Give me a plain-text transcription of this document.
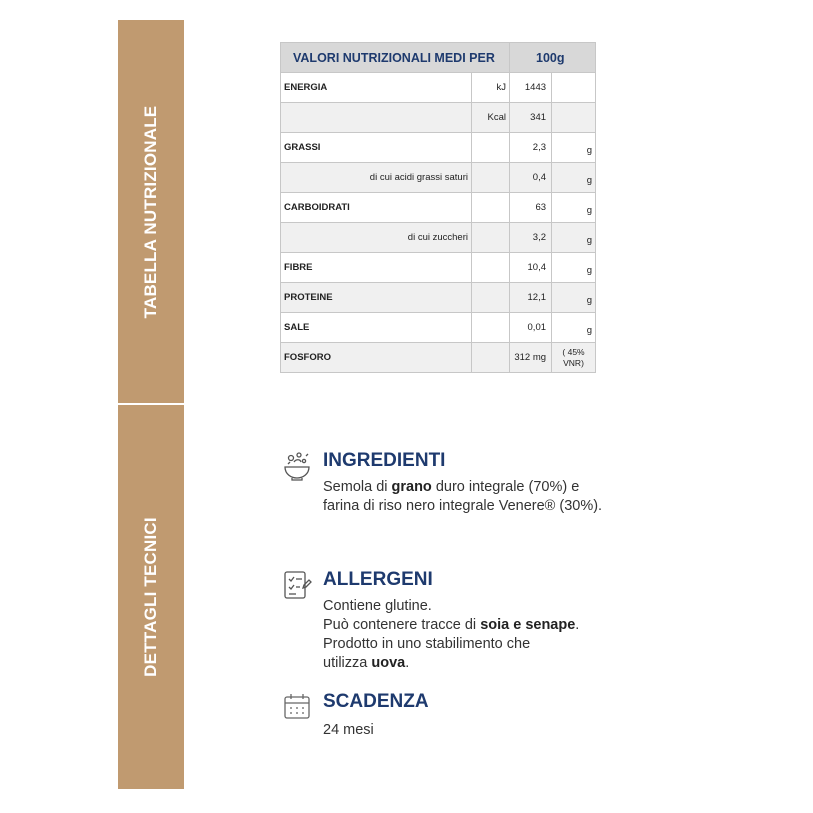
TABELLA NUTRIZIONALE
DETTAGLI TECNICI
VALORI NUTRIZIONALI MEDI PER		100g	
ENERGIA	kJ	1443	
	Kcal	341	
GRASSI		2,3	g
di cui acidi grassi saturi		0,4	g
CARBOIDRATI		63	g
di cui zuccheri		3,2	g
FIBRE		10,4	g
PROTEINE		12,1	g
SALE		0,01	g
FOSFORO		312 mg	( 45% VNR)
INGREDIENTI
Semola di grano duro integrale (70%) e farina di riso nero integrale Venere® (30%).
ALLERGENI
Contiene glutine.
Può contenere tracce di soia e senape.
Prodotto in uno stabilimento che utilizza uova.
SCADENZA
24 mesi
